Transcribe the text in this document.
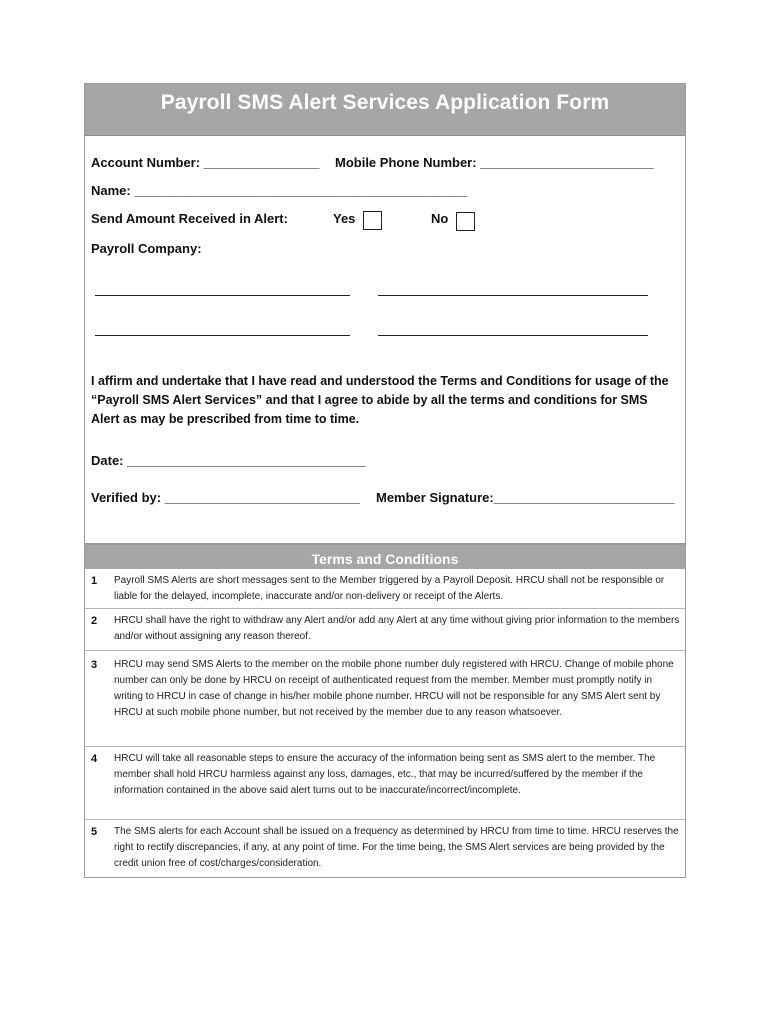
Payroll SMS Alert Services Application Form
Account Number: ________________ Mobile Phone Number: ________________________
Name: ______________________________________________
Send Amount Received in Alert:	Yes	No
Payroll Company:
I affirm and undertake that I have read and understood the Terms and Conditions for usage of the “Payroll SMS Alert Services” and that I agree to abide by all the terms and conditions for SMS Alert as may be prescribed from time to time.
Date: _________________________________
Verified by: ___________________________ Member Signature:_________________________
Terms and Conditions
1 Payroll SMS Alerts are short messages sent to the Member triggered by a Payroll Deposit. HRCU shall not be responsible or liable for the delayed, incomplete, inaccurate and/or non-delivery or receipt of the Alerts.
2 HRCU shall have the right to withdraw any Alert and/or add any Alert at any time without giving prior information to the members and/or without assigning any reason thereof.
3 HRCU may send SMS Alerts to the member on the mobile phone number duly registered with HRCU. Change of mobile phone number can only be done by HRCU on receipt of authenticated request from the member. Member must promptly notify in writing to HRCU in case of change in his/her mobile phone number. HRCU will not be responsible for any SMS Alert sent by HRCU at such mobile phone number, but not received by the member due to any reason whatsoever.
4 HRCU will take all reasonable steps to ensure the accuracy of the information being sent as SMS alert to the member. The member shall hold HRCU harmless against any loss, damages, etc., that may be incurred/suffered by the member if the information contained in the above said alert turns out to be inaccurate/incorrect/incomplete.
5 The SMS alerts for each Account shall be issued on a frequency as determined by HRCU from time to time. HRCU reserves the right to rectify discrepancies, if any, at any point of time. For the time being, the SMS Alert services are being provided by the credit union free of cost/charges/consideration.
